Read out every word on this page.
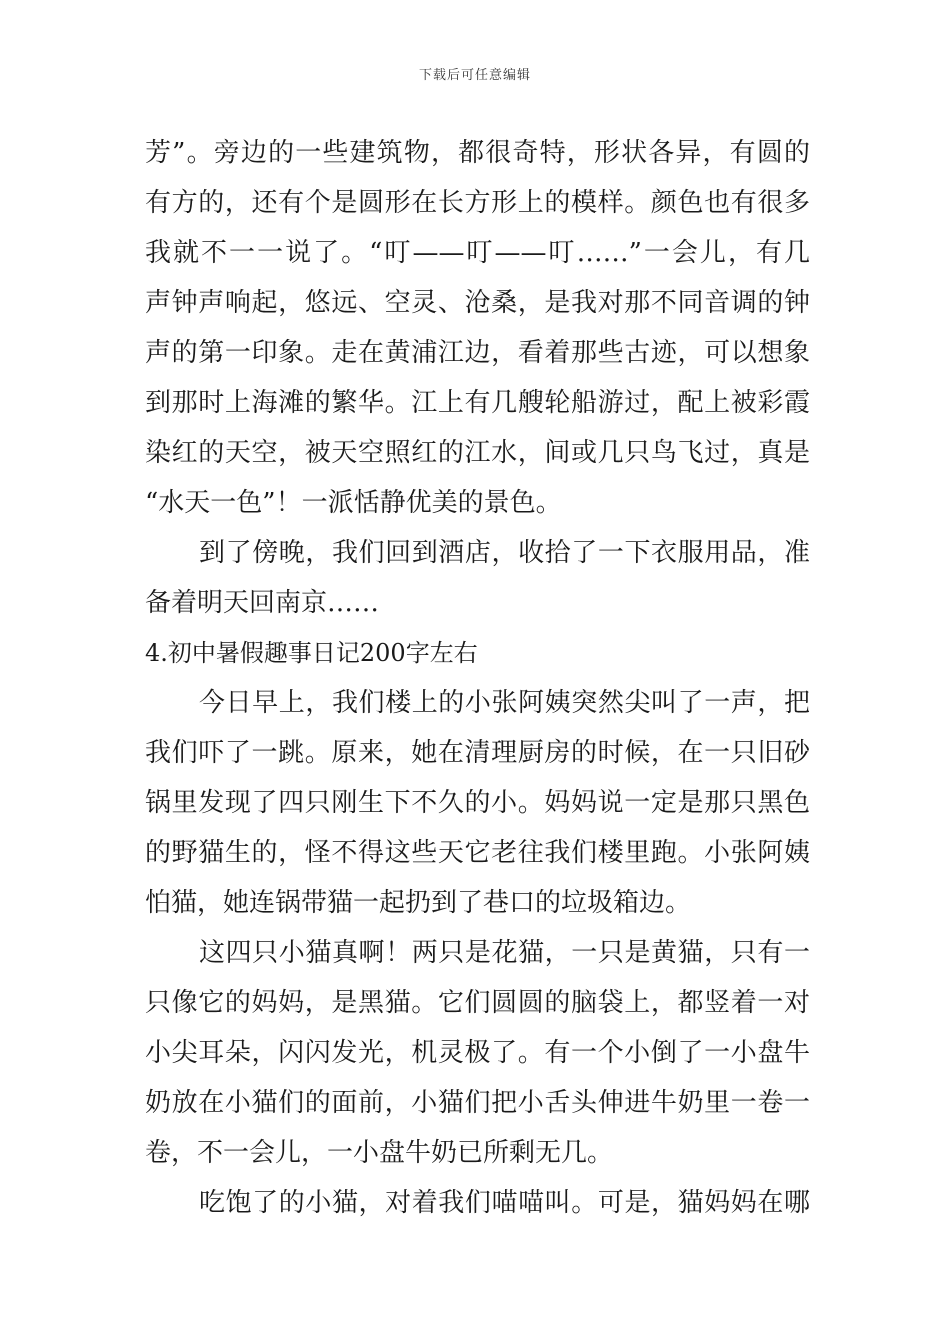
下载后可任意编辑
芳”。旁边的一些建筑物，都很奇特，形状各异，有圆的
有方的，还有个是圆形在长方形上的模样。颜色也有很多
我就不一一说了。“叮——叮——叮……”一会儿，有几
声钟声响起，悠远、空灵、沧桑，是我对那不同音调的钟
声的第一印象。走在黄浦江边，看着那些古迹，可以想象
到那时上海滩的繁华。江上有几艘轮船游过，配上被彩霞
染红的天空，被天空照红的江水，间或几只鸟飞过，真是
“水天一色”！一派恬静优美的景色。
到了傍晚，我们回到酒店，收拾了一下衣服用品，准
备着明天回南京……
4.初中暑假趣事日记200字左右
今日早上，我们楼上的小张阿姨突然尖叫了一声，把
我们吓了一跳。原来，她在清理厨房的时候，在一只旧砂
锅里发现了四只刚生下不久的小。妈妈说一定是那只黑色
的野猫生的，怪不得这些天它老往我们楼里跑。小张阿姨
怕猫，她连锅带猫一起扔到了巷口的垃圾箱边。
这四只小猫真啊！两只是花猫，一只是黄猫，只有一
只像它的妈妈，是黑猫。它们圆圆的脑袋上，都竖着一对
小尖耳朵，闪闪发光，机灵极了。有一个小倒了一小盘牛
奶放在小猫们的面前，小猫们把小舌头伸进牛奶里一卷一
卷，不一会儿，一小盘牛奶已所剩无几。
吃饱了的小猫，对着我们喵喵叫。可是，猫妈妈在哪
